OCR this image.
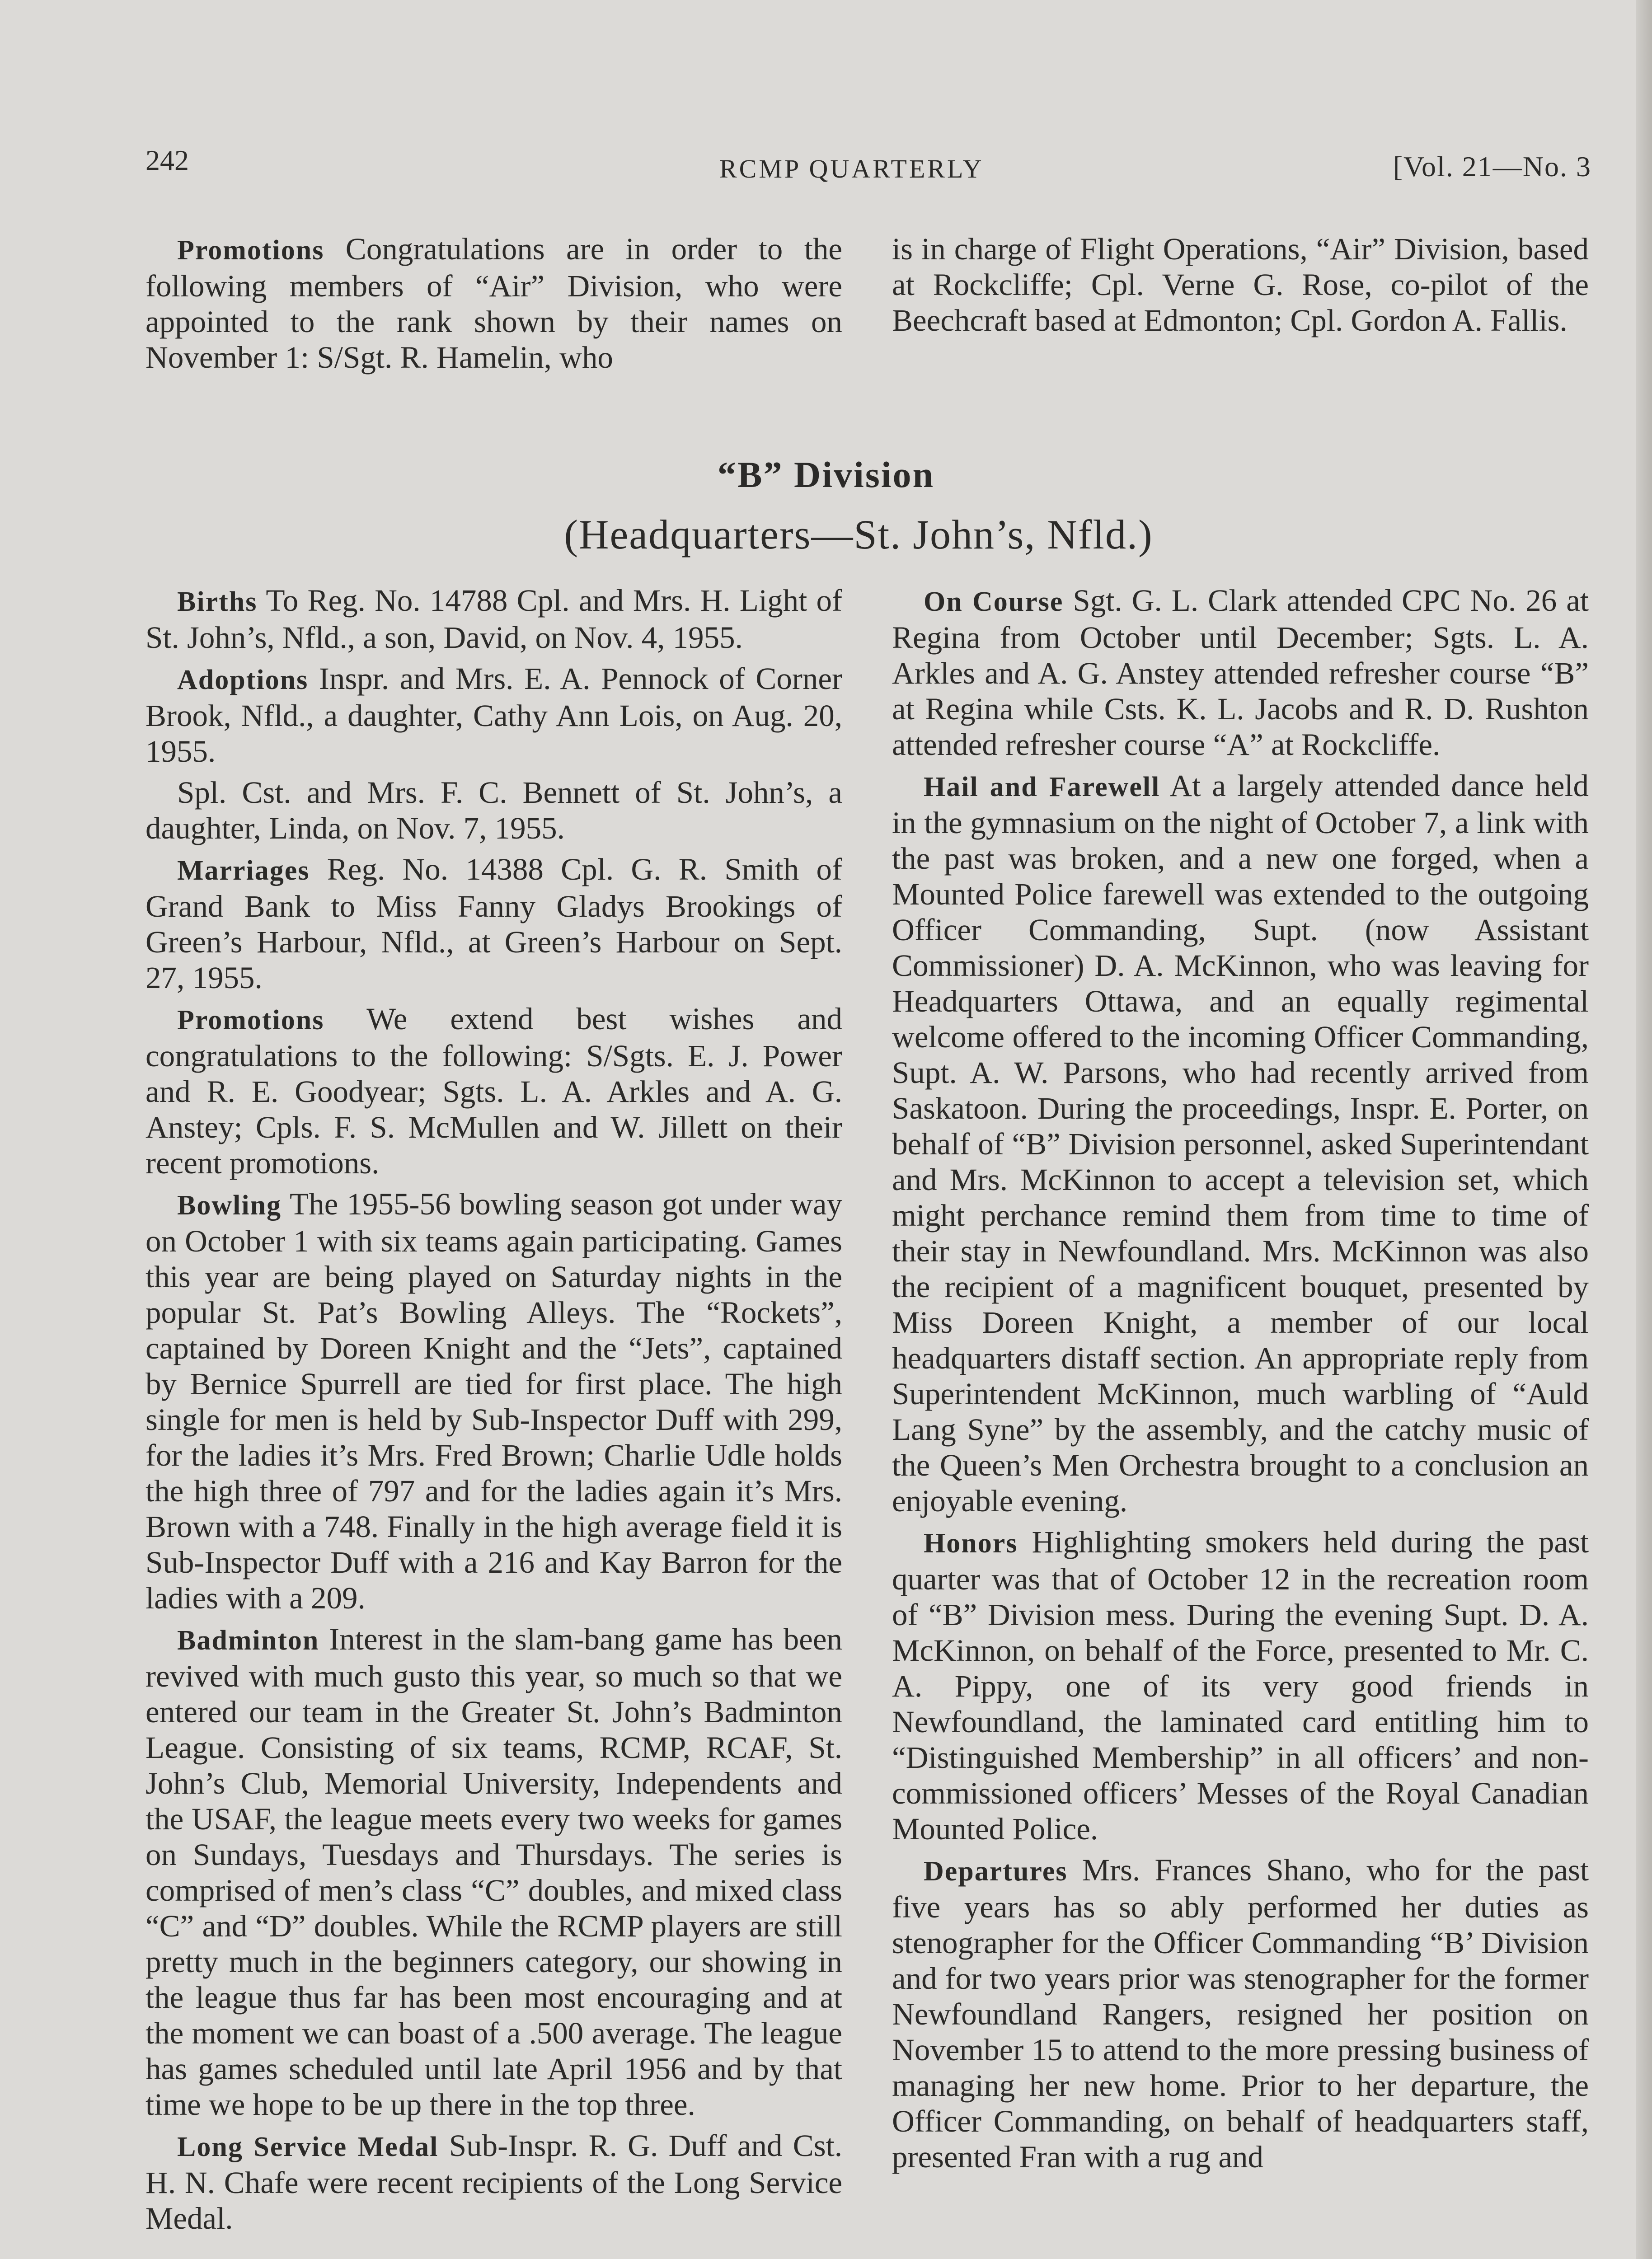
242	RCMP QUARTERLY	[Vol. 21—No. 3

Promotions Congratulations are in order to the following members of “Air” Division, who were appointed to the rank shown by their names on November 1: S/Sgt. R. Hamelin, who

is in charge of Flight Operations, “Air” Division, based at Rockcliffe; Cpl. Verne G. Rose, co-pilot of the Beechcraft based at Edmonton; Cpl. Gordon A. Fallis.

“B” Division
(Headquarters—St. John’s, Nfld.)

Births To Reg. No. 14788 Cpl. and Mrs. H. Light of St. John’s, Nfld., a son, David, on Nov. 4, 1955.

Adoptions Inspr. and Mrs. E. A. Pennock of Corner Brook, Nfld., a daughter, Cathy Ann Lois, on Aug. 20, 1955.

Spl. Cst. and Mrs. F. C. Bennett of St. John’s, a daughter, Linda, on Nov. 7, 1955.

Marriages Reg. No. 14388 Cpl. G. R. Smith of Grand Bank to Miss Fanny Gladys Brookings of Green’s Harbour, Nfld., at Green’s Harbour on Sept. 27, 1955.

Promotions We extend best wishes and congratulations to the following: S/Sgts. E. J. Power and R. E. Goodyear; Sgts. L. A. Arkles and A. G. Anstey; Cpls. F. S. McMullen and W. Jillett on their recent promotions.

Bowling The 1955-56 bowling season got under way on October 1 with six teams again participating. Games this year are being played on Saturday nights in the popular St. Pat’s Bowling Alleys. The “Rockets”, captained by Doreen Knight and the “Jets”, captained by Bernice Spurrell are tied for first place. The high single for men is held by Sub-Inspector Duff with 299, for the ladies it’s Mrs. Fred Brown; Charlie Udle holds the high three of 797 and for the ladies again it’s Mrs. Brown with a 748. Finally in the high average field it is Sub-Inspector Duff with a 216 and Kay Barron for the ladies with a 209.

Badminton Interest in the slam-bang game has been revived with much gusto this year, so much so that we entered our team in the Greater St. John’s Badminton League. Consisting of six teams, RCMP, RCAF, St. John’s Club, Memorial University, Independents and the USAF, the league meets every two weeks for games on Sundays, Tuesdays and Thursdays. The series is comprised of men’s class “C” doubles, and mixed class “C” and “D” doubles. While the RCMP players are still pretty much in the beginners category, our showing in the league thus far has been most encouraging and at the moment we can boast of a .500 average. The league has games scheduled until late April 1956 and by that time we hope to be up there in the top three.

Long Service Medal Sub-Inspr. R. G. Duff and Cst. H. N. Chafe were recent recipients of the Long Service Medal.

On Course Sgt. G. L. Clark attended CPC No. 26 at Regina from October until December; Sgts. L. A. Arkles and A. G. Anstey attended refresher course “B” at Regina while Csts. K. L. Jacobs and R. D. Rushton attended refresher course “A” at Rockcliffe.

Hail and Farewell At a largely attended dance held in the gymnasium on the night of October 7, a link with the past was broken, and a new one forged, when a Mounted Police farewell was extended to the outgoing Officer Commanding, Supt. (now Assistant Commissioner) D. A. McKinnon, who was leaving for Headquarters Ottawa, and an equally regimental welcome offered to the incoming Officer Commanding, Supt. A. W. Parsons, who had recently arrived from Saskatoon. During the proceedings, Inspr. E. Porter, on behalf of “B” Division personnel, asked Superintendant and Mrs. McKinnon to accept a television set, which might perchance remind them from time to time of their stay in Newfoundland. Mrs. McKinnon was also the recipient of a magnificent bouquet, presented by Miss Doreen Knight, a member of our local headquarters distaff section. An appropriate reply from Superintendent McKinnon, much warbling of “Auld Lang Syne” by the assembly, and the catchy music of the Queen’s Men Orchestra brought to a conclusion an enjoyable evening.

Honors Highlighting smokers held during the past quarter was that of October 12 in the recreation room of “B” Division mess. During the evening Supt. D. A. McKinnon, on behalf of the Force, presented to Mr. C. A. Pippy, one of its very good friends in Newfoundland, the laminated card entitling him to “Distinguished Membership” in all officers’ and non-commissioned officers’ Messes of the Royal Canadian Mounted Police.

Departures Mrs. Frances Shano, who for the past five years has so ably performed her duties as stenographer for the Officer Commanding “B’ Division and for two years prior was stenographer for the former Newfoundland Rangers, resigned her position on November 15 to attend to the more pressing business of managing her new home. Prior to her departure, the Officer Commanding, on behalf of headquarters staff, presented Fran with a rug and
